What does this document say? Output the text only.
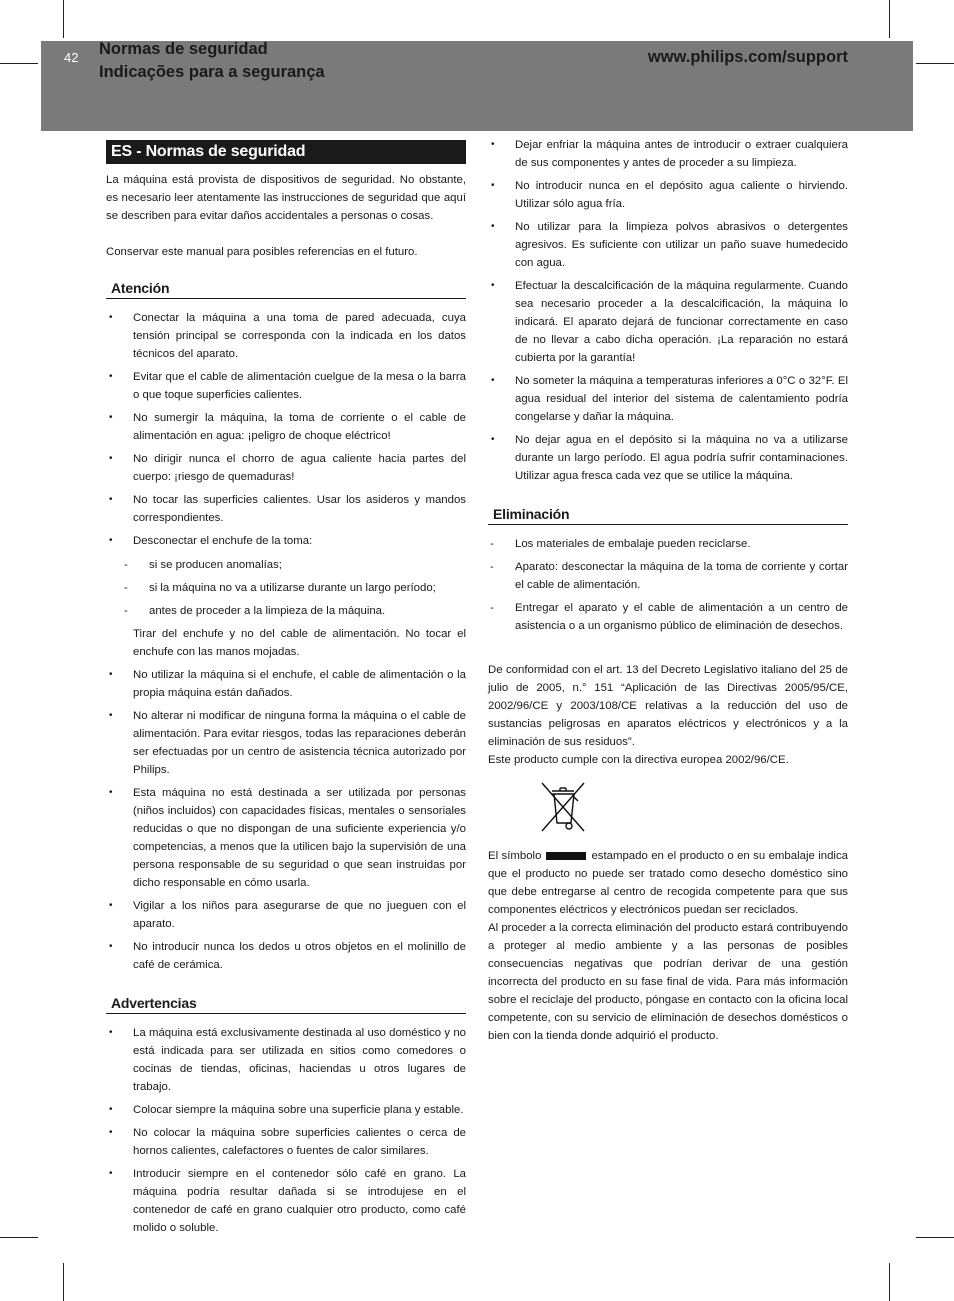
42 Normas de seguridad
Indicações para a segurança
www.philips.com/support
ES - Normas de seguridad

La máquina está provista de dispositivos de seguridad. No obstante, es necesario leer atentamente las instrucciones de seguridad que aquí se describen para evitar daños accidentales a personas o cosas.

Conservar este manual para posibles referencias en el futuro.

Atención
• Conectar la máquina a una toma de pared adecuada, cuya tensión principal se corresponda con la indicada en los datos técnicos del aparato.
• Evitar que el cable de alimentación cuelgue de la mesa o la barra o que toque superficies calientes.
• No sumergir la máquina, la toma de corriente o el cable de alimentación en agua: ¡peligro de choque eléctrico!
• No dirigir nunca el chorro de agua caliente hacia partes del cuerpo: ¡riesgo de quemaduras!
• No tocar las superficies calientes. Usar los asideros y mandos correspondientes.
• Desconectar el enchufe de la toma:
- si se producen anomalías;
- si la máquina no va a utilizarse durante un largo período;
- antes de proceder a la limpieza de la máquina.
Tirar del enchufe y no del cable de alimentación. No tocar el enchufe con las manos mojadas.
• No utilizar la máquina si el enchufe, el cable de alimentación o la propia máquina están dañados.
• No alterar ni modificar de ninguna forma la máquina o el cable de alimentación. Para evitar riesgos, todas las reparaciones deberán ser efectuadas por un centro de asistencia técnica autorizado por Philips.
• Esta máquina no está destinada a ser utilizada por personas (niños incluidos) con capacidades físicas, mentales o sensoriales reducidas o que no dispongan de una suficiente experiencia y/o competencias, a menos que la utilicen bajo la supervisión de una persona responsable de su seguridad o que sean instruidas por dicho responsable en cómo usarla.
• Vigilar a los niños para asegurarse de que no jueguen con el aparato.
• No introducir nunca los dedos u otros objetos en el molinillo de café de cerámica.
Advertencias
• La máquina está exclusivamente destinada al uso doméstico y no está indicada para ser utilizada en sitios como comedores o cocinas de tiendas, oficinas, haciendas u otros lugares de trabajo.
• Colocar siempre la máquina sobre una superficie plana y estable.
• No colocar la máquina sobre superficies calientes o cerca de hornos calientes, calefactores o fuentes de calor similares.
• Introducir siempre en el contenedor sólo café en grano. La máquina podría resultar dañada si se introdujese en el contenedor de café en grano cualquier otro producto, como café molido o soluble.
• Dejar enfriar la máquina antes de introducir o extraer cualquiera de sus componentes y antes de proceder a su limpieza.
• No introducir nunca en el depósito agua caliente o hirviendo. Utilizar sólo agua fría.
• No utilizar para la limpieza polvos abrasivos o detergentes agresivos. Es suficiente con utilizar un paño suave humedecido con agua.
• Efectuar la descalcificación de la máquina regularmente. Cuando sea necesario proceder a la descalcificación, la máquina lo indicará. El aparato dejará de funcionar correctamente en caso de no llevar a cabo dicha operación. ¡La reparación no estará cubierta por la garantía!
• No someter la máquina a temperaturas inferiores a 0°C o 32°F. El agua residual del interior del sistema de calentamiento podría congelarse y dañar la máquina.
• No dejar agua en el depósito si la máquina no va a utilizarse durante un largo período. El agua podría sufrir contaminaciones. Utilizar agua fresca cada vez que se utilice la máquina.
Eliminación
- Los materiales de embalaje pueden reciclarse.
- Aparato: desconectar la máquina de la toma de corriente y cortar el cable de alimentación.
- Entregar el aparato y el cable de alimentación a un centro de asistencia o a un organismo público de eliminación de desechos.

De conformidad con el art. 13 del Decreto Legislativo italiano del 25 de julio de 2005, n.° 151 “Aplicación de las Directivas 2005/95/CE, 2002/96/CE y 2003/108/CE relativas a la reducción del uso de sustancias peligrosas en aparatos eléctricos y electrónicos y a la eliminación de sus residuos”.

Este producto cumple con la directiva europea 2002/96/CE.

El símbolo	estampado en el producto o en su embalaje indica que el producto no puede ser tratado como desecho doméstico sino que debe entregarse al centro de recogida competente para que sus componentes eléctricos y electrónicos puedan ser reciclados.

Al proceder a la correcta eliminación del producto estará contribuyendo a proteger al medio ambiente y a las personas de posibles consecuencias negativas que podrían derivar de una gestión incorrecta del producto en su fase final de vida. Para más información sobre el reciclaje del producto, póngase en contacto con la oficina local competente, con su servicio de eliminación de desechos domésticos o bien con la tienda donde adquirió el producto.
